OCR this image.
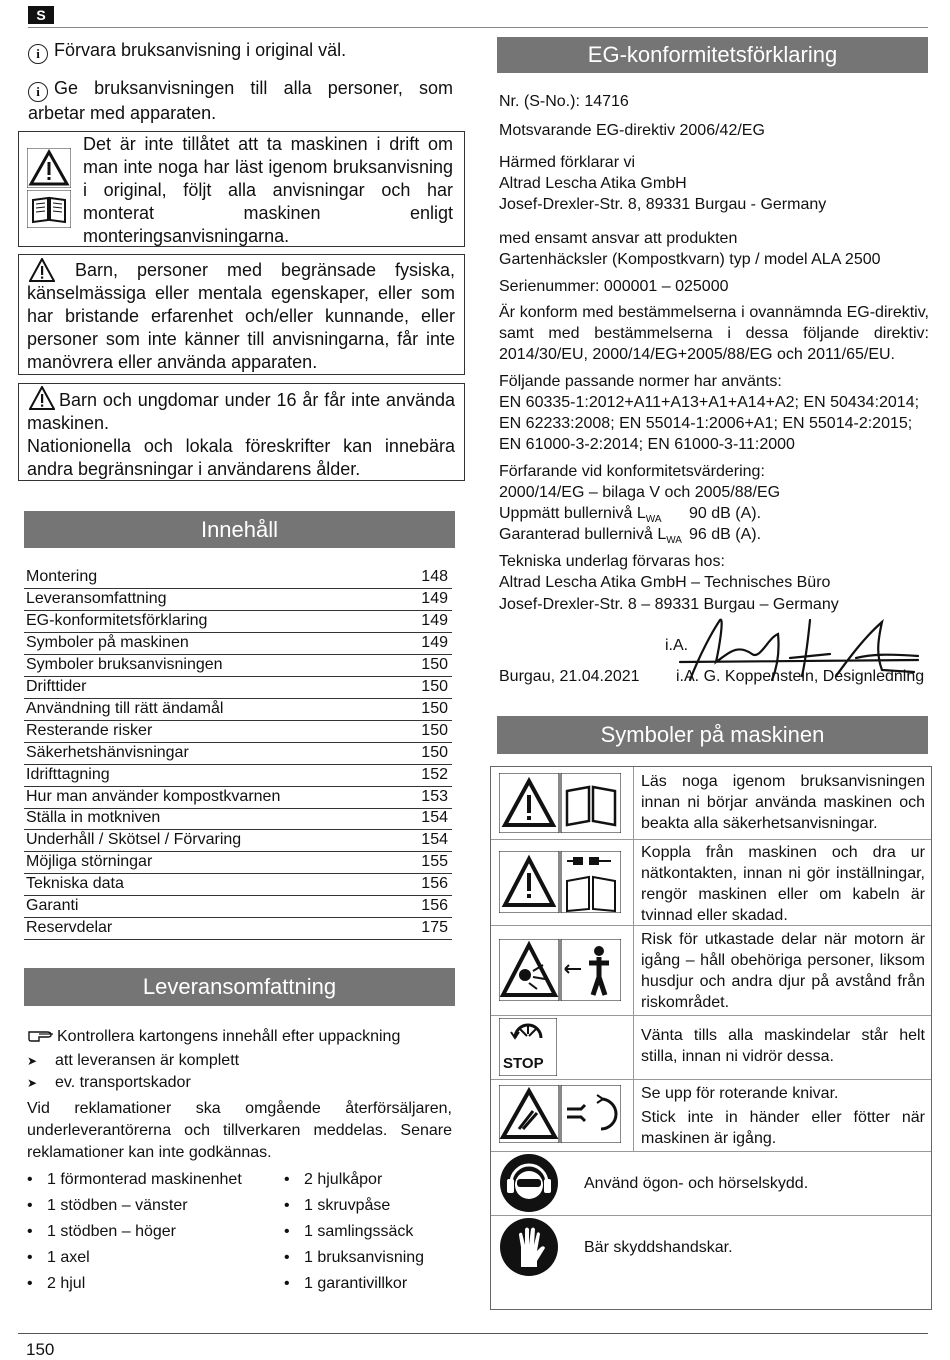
S
i Förvara bruksanvisning i original väl.
i Ge bruksanvisningen till alla personer, som arbetar med apparaten.
Det är inte tillåtet att ta maskinen i drift om man inte noga har läst igenom bruksanvisning i original, följt alla anvisningar och har monterat maskinen enligt monteringsanvisningarna.
Barn, personer med begränsade fysiska, känselmässiga eller mentala egenskaper, eller som har bristande erfarenhet och/eller kunnande, eller personer som inte känner till anvisningarna, får inte manövrera eller använda apparaten.
Barn och ungdomar under 16 år får inte använda maskinen.
Nationionella och lokala föreskrifter kan innebära andra begränsningar i användarens ålder.
Innehåll
Montering	148
Leveransomfattning	149
EG-konformitetsförklaring	149
Symboler på maskinen	149
Symboler bruksanvisningen	150
Drifttider	150
Användning till rätt ändamål	150
Resterande risker	150
Säkerhetshänvisningar	150
Idrifttagning	152
Hur man använder kompostkvarnen	153
Ställa in motkniven	154
Underhåll / Skötsel / Förvaring	154
Möjliga störningar	155
Tekniska data	156
Garanti	156
Reservdelar	175
Leveransomfattning
Kontrollera kartongens innehåll efter uppackning
➤ att leveransen är komplett
➤ ev. transportskador
Vid reklamationer ska omgående återförsäljaren, underleverantörerna och tillverkaren meddelas. Senare reklamationer kan inte godkännas.
• 1 förmonterad maskinenhet
• 1 stödben – vänster
• 1 stödben – höger
• 1 axel
• 2 hjul
• 2 hjulkåpor
• 1 skruvpåse
• 1 samlingssäck
• 1 bruksanvisning
• 1 garantivillkor
EG-konformitetsförklaring
Nr. (S-No.): 14716
Motsvarande EG-direktiv 2006/42/EG
Härmed förklarar vi
Altrad Lescha Atika GmbH
Josef-Drexler-Str. 8, 89331 Burgau - Germany
med ensamt ansvar att produkten
Gartenhäcksler (Kompostkvarn) typ / model ALA 2500
Serienummer: 000001 – 025000
Är konform med bestämmelserna i ovannämnda EG-direktiv, samt med bestämmelserna i dessa följande direktiv: 2014/30/EU, 2000/14/EG+2005/88/EG och 2011/65/EU.
Följande passande normer har använts:
EN 60335-1:2012+A11+A13+A1+A14+A2; EN 50434:2014;
EN 62233:2008; EN 55014-1:2006+A1; EN 55014-2:2015;
EN 61000-3-2:2014; EN 61000-3-11:2000
Förfarande vid konformitetsvärdering:
2000/14/EG – bilaga V och 2005/88/EG
Uppmätt bullernivå $L_{WA}$ 90 dB (A).
Garanterad bullernivå $L_{WA}$ 96 dB (A).
Tekniska underlag förvaras hos:
Altrad Lescha Atika GmbH – Technisches Büro
Josef-Drexler-Str. 8 – 89331 Burgau – Germany
i.A.
Burgau, 21.04.2021 i.A. G. Koppenstein, Designledning
Symboler på maskinen
Läs noga igenom bruksanvisningen innan ni börjar använda maskinen och beakta alla säkerhetsanvisningar.
Koppla från maskinen och dra ur nätkontakten, innan ni gör inställningar, rengör maskinen eller om kabeln är tvinnad eller skadad.
Risk för utkastade delar när motorn är igång – håll obehöriga personer, liksom husdjur och andra djur på avstånd från riskområdet.
STOP
Vänta tills alla maskindelar står helt stilla, innan ni vidrör dessa.
Se upp för roterande knivar.
Stick inte in händer eller fötter när maskinen är igång.
Använd ögon- och hörselskydd.
Bär skyddshandskar.
150
